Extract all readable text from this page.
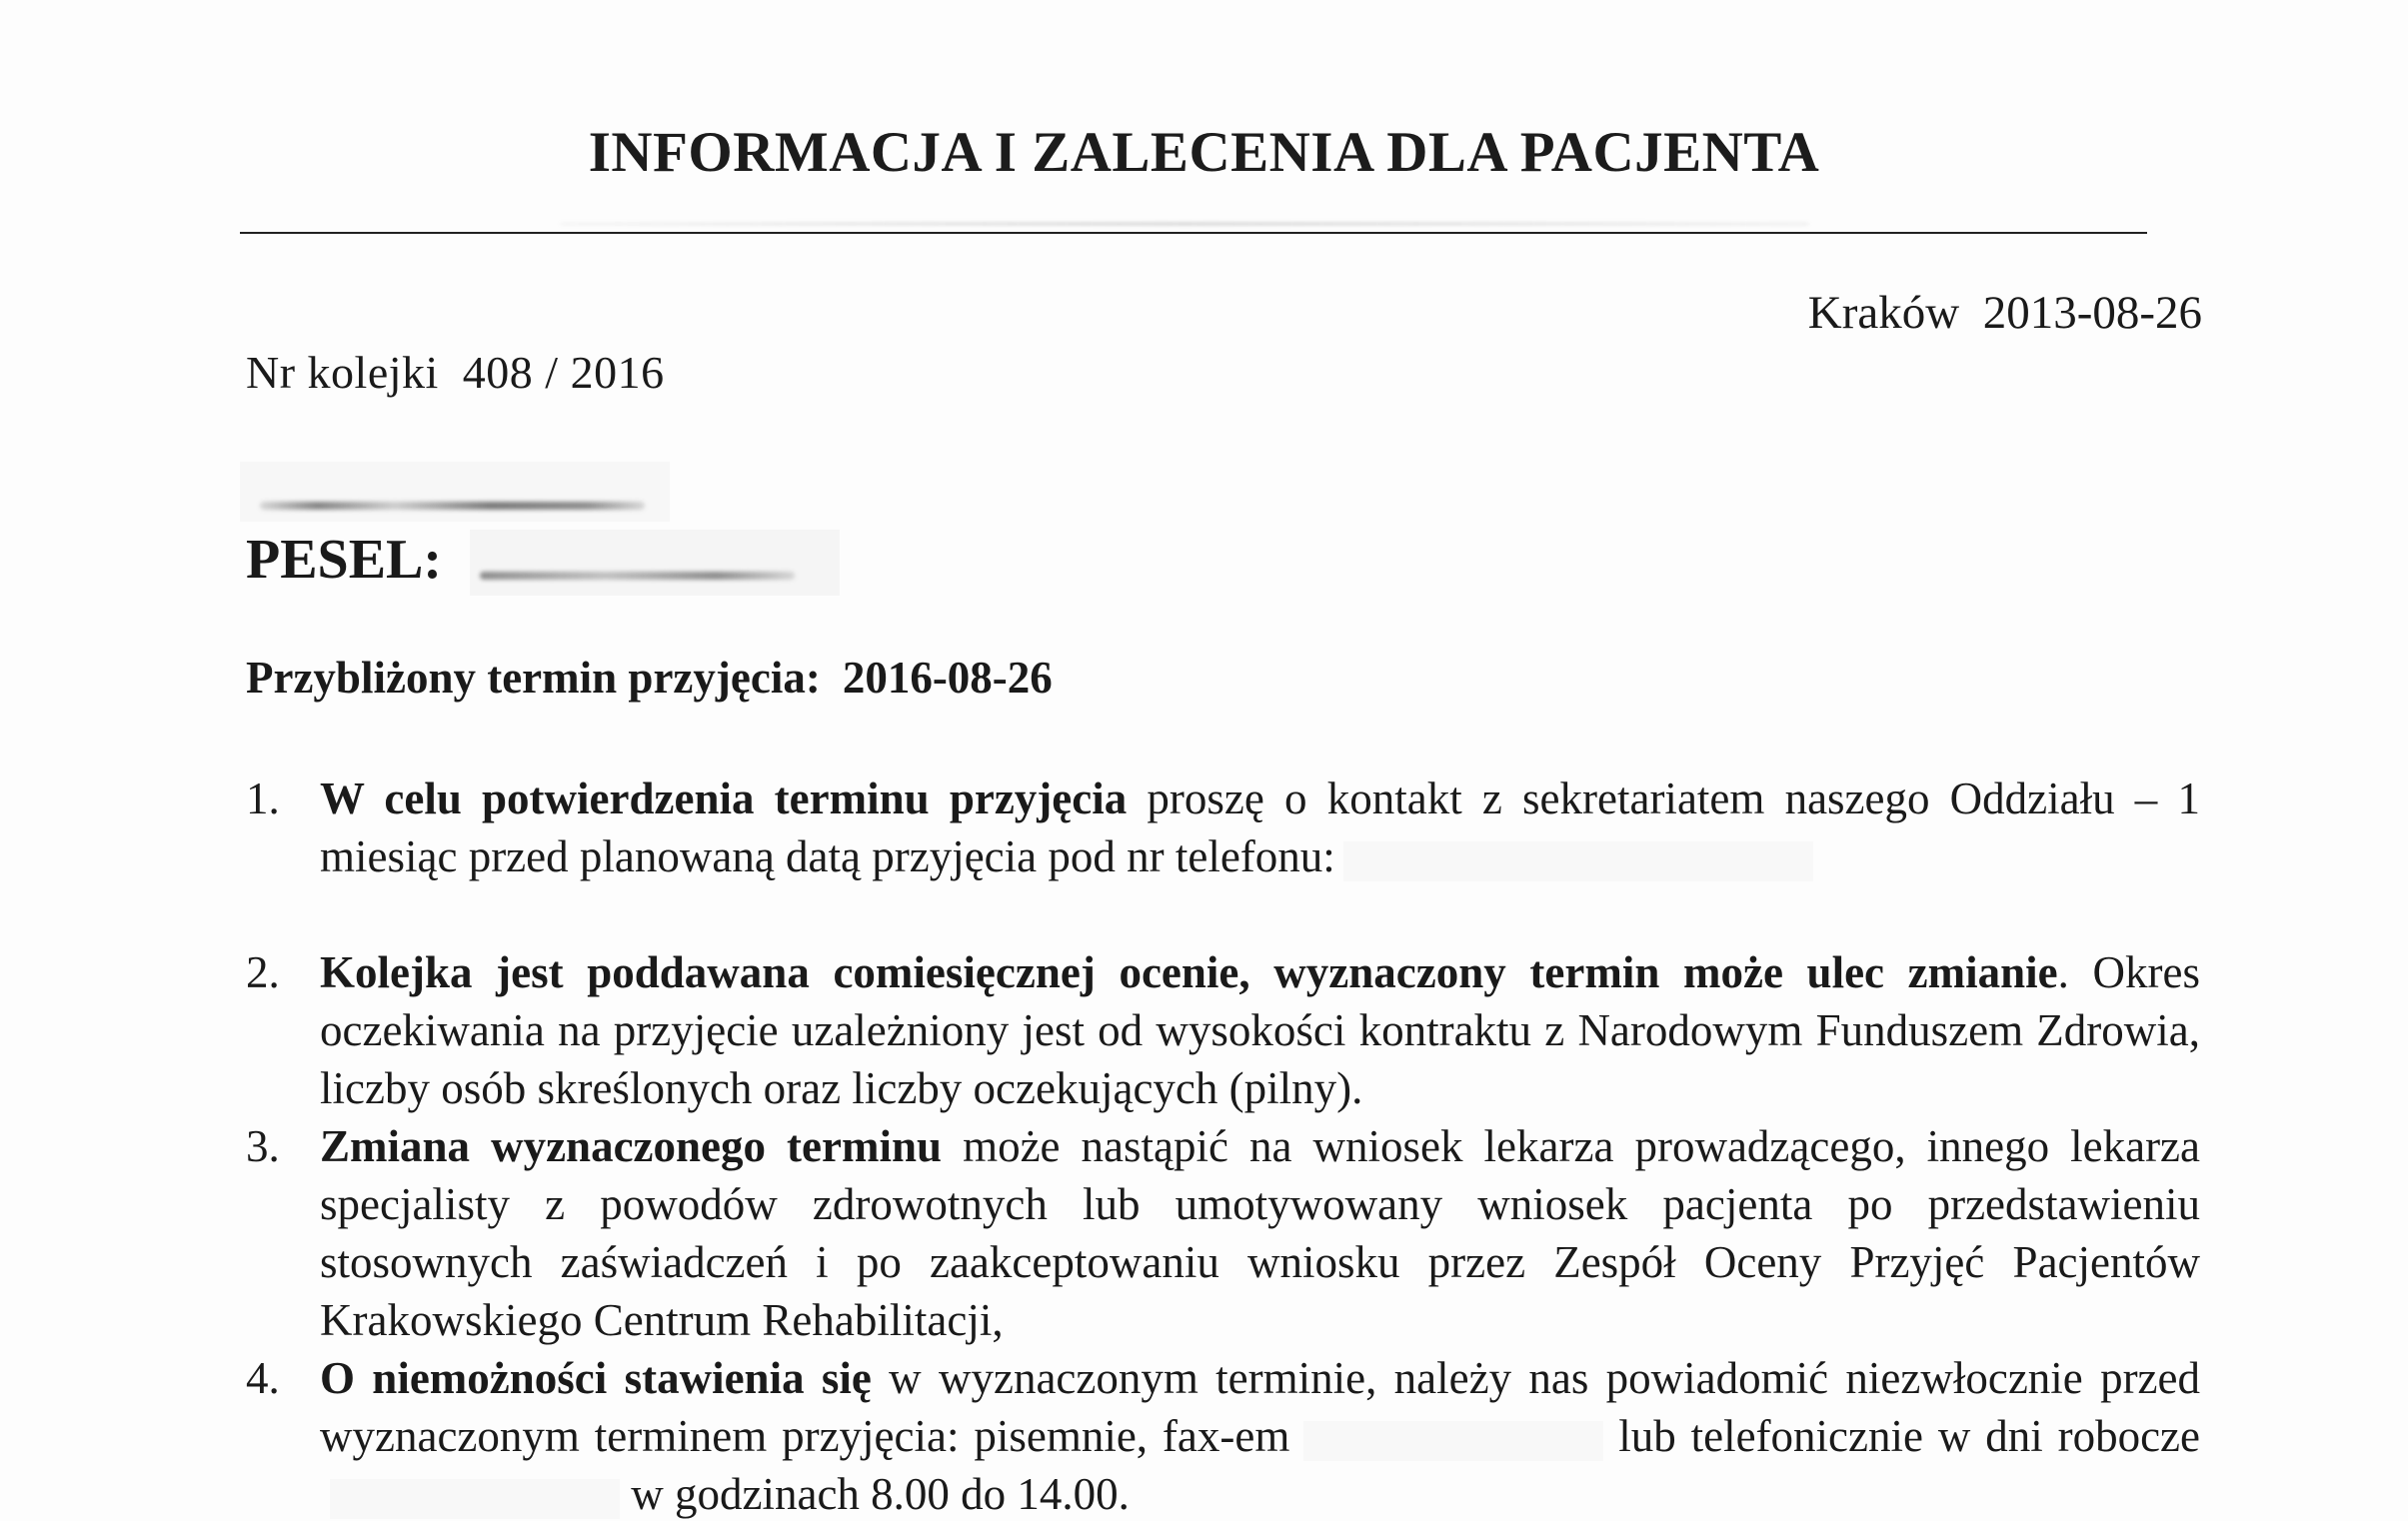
INFORMACJA I ZALECENIA DLA PACJENTA
Kraków 2013-08-26
Nr kolejki 408 / 2016
PESEL:
Przybliżony termin przyjęcia: 2016-08-26
1. W celu potwierdzenia terminu przyjęcia proszę o kontakt z sekretariatem naszego Oddziału – 1 miesiąc przed planowaną datą przyjęcia pod nr telefonu:
2. Kolejka jest poddawana comiesięcznej ocenie, wyznaczony termin może ulec zmianie. Okres oczekiwania na przyjęcie uzależniony jest od wysokości kontraktu z Narodowym Funduszem Zdrowia, liczby osób skreślonych oraz liczby oczekujących (pilny).
3. Zmiana wyznaczonego terminu może nastąpić na wniosek lekarza prowadzącego, innego lekarza specjalisty z powodów zdrowotnych lub umotywowany wniosek pacjenta po przedstawieniu stosownych zaświadczeń i po zaakceptowaniu wniosku przez Zespół Oceny Przyjęć Pacjentów Krakowskiego Centrum Rehabilitacji,
4. O niemożności stawienia się w wyznaczonym terminie, należy nas powiadomić niezwłocznie przed wyznaczonym terminem przyjęcia: pisemnie, fax-em	lub telefonicznie w dni robocze w godzinach 8.00 do 14.00.
